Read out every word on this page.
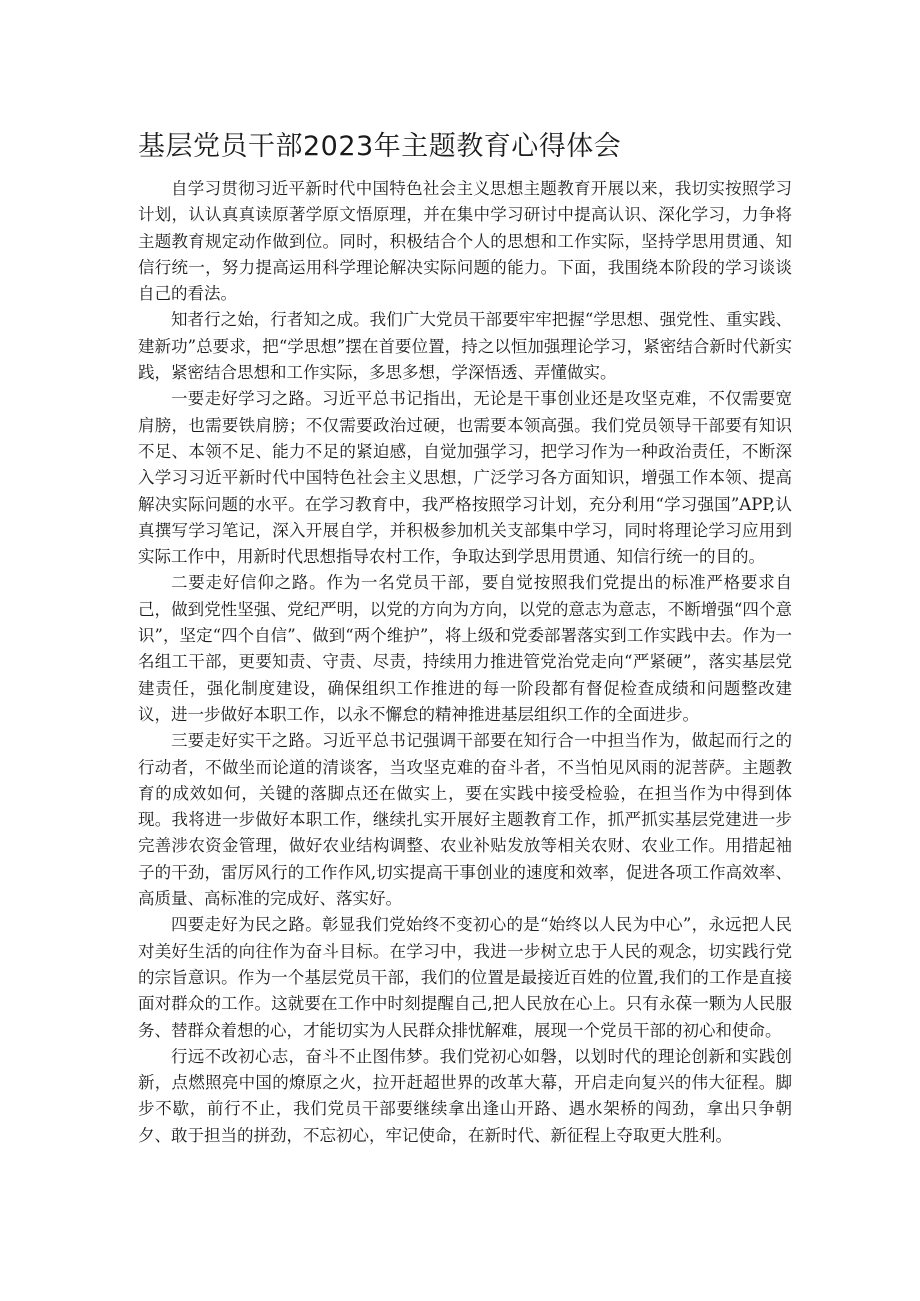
基层党员干部2023年主题教育心得体会

自学习贯彻习近平新时代中国特色社会主义思想主题教育开展以来，我切实按照学习计划，认认真真读原著学原文悟原理，并在集中学习研讨中提高认识、深化学习，力争将主题教育规定动作做到位。同时，积极结合个人的思想和工作实际，坚持学思用贯通、知信行统一，努力提高运用科学理论解决实际问题的能力。下面，我围绕本阶段的学习谈谈自己的看法。

知者行之始，行者知之成。我们广大党员干部要牢牢把握“学思想、强党性、重实践、建新功”总要求，把“学思想”摆在首要位置，持之以恒加强理论学习，紧密结合新时代新实践，紧密结合思想和工作实际，多思多想，学深悟透、弄懂做实。

一要走好学习之路。习近平总书记指出，无论是干事创业还是攻坚克难，不仅需要宽肩膀，也需要铁肩膀；不仅需要政治过硬，也需要本领高强。我们党员领导干部要有知识不足、本领不足、能力不足的紧迫感，自觉加强学习，把学习作为一种政治责任，不断深入学习习近平新时代中国特色社会主义思想，广泛学习各方面知识，增强工作本领、提高解决实际问题的水平。在学习教育中，我严格按照学习计划，充分利用“学习强国”APP,认真撰写学习笔记，深入开展自学，并积极参加机关支部集中学习，同时将理论学习应用到实际工作中，用新时代思想指导农村工作，争取达到学思用贯通、知信行统一的目的。

二要走好信仰之路。作为一名党员干部，要自觉按照我们党提出的标准严格要求自己，做到党性坚强、党纪严明，以党的方向为方向，以党的意志为意志，不断增强“四个意识”，坚定“四个自信”、做到“两个维护”，将上级和党委部署落实到工作实践中去。作为一名组工干部，更要知责、守责、尽责，持续用力推进管党治党走向“严紧硬”，落实基层党建责任，强化制度建设，确保组织工作推进的每一阶段都有督促检查成绩和问题整改建议，进一步做好本职工作，以永不懈怠的精神推进基层组织工作的全面进步。

三要走好实干之路。习近平总书记强调干部要在知行合一中担当作为，做起而行之的行动者，不做坐而论道的清谈客，当攻坚克难的奋斗者，不当怕见风雨的泥菩萨。主题教育的成效如何，关键的落脚点还在做实上，要在实践中接受检验，在担当作为中得到体现。我将进一步做好本职工作，继续扎实开展好主题教育工作，抓严抓实基层党建进一步完善涉农资金管理，做好农业结构调整、农业补贴发放等相关农财、农业工作。用措起袖子的干劲，雷厉风行的工作作风,切实提高干事创业的速度和效率，促进各项工作高效率、高质量、高标准的完成好、落实好。

四要走好为民之路。彰显我们党始终不变初心的是“始终以人民为中心”，永远把人民对美好生活的向往作为奋斗目标。在学习中，我进一步树立忠于人民的观念，切实践行党的宗旨意识。作为一个基层党员干部，我们的位置是最接近百姓的位置,我们的工作是直接面对群众的工作。这就要在工作中时刻提醒自己,把人民放在心上。只有永葆一颗为人民服务、替群众着想的心，才能切实为人民群众排忧解难，展现一个党员干部的初心和使命。

行远不改初心志，奋斗不止图伟梦。我们党初心如磐，以划时代的理论创新和实践创新，点燃照亮中国的燎原之火，拉开赶超世界的改革大幕，开启走向复兴的伟大征程。脚步不歇，前行不止，我们党员干部要继续拿出逢山开路、遇水架桥的闯劲，拿出只争朝夕、敢于担当的拼劲，不忘初心，牢记使命，在新时代、新征程上夺取更大胜利。
